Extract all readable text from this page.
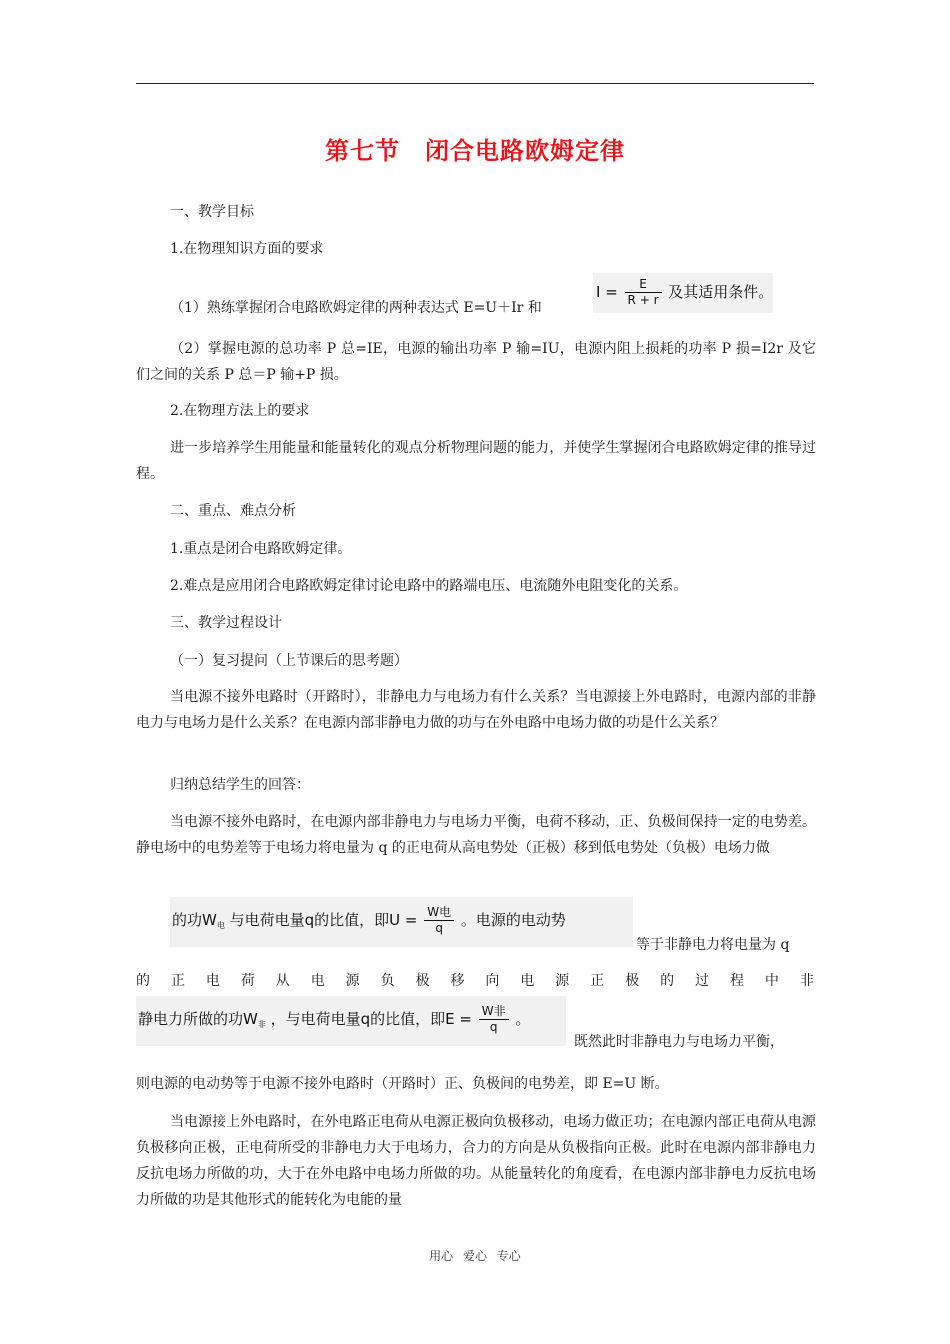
第七节　闭合电路欧姆定律

一、教学目标

1.在物理知识方面的要求

（1）熟练掌握闭合电路欧姆定律的两种表达式 E=U＋Ir 和
$I = \frac{E}{R + r}$ 及其适用条件。

（2）掌握电源的总功率 P 总=IE，电源的输出功率 P 输=IU，电源内阻上损耗的功率 P 损=I2r 及它们之间的关系 P 总＝P 输+P 损。

2.在物理方法上的要求

进一步培养学生用能量和能量转化的观点分析物理问题的能力，并使学生掌握闭合电路欧姆定律的推导过程。

二、重点、难点分析

1.重点是闭合电路欧姆定律。

2.难点是应用闭合电路欧姆定律讨论电路中的路端电压、电流随外电阻变化的关系。

三、教学过程设计

（一）复习提问（上节课后的思考题）

当电源不接外电路时（开路时），非静电力与电场力有什么关系？当电源接上外电路时，电源内部的非静电力与电场力是什么关系？在电源内部非静电力做的功与在外电路中电场力做的功是什么关系？

归纳总结学生的回答：

当电源不接外电路时，在电源内部非静电力与电场力平衡，电荷不移动，正、负极间保持一定的电势差。静电场中的电势差等于电场力将电量为 q 的正电荷从高电势处（正极）移到低电势处（负极）电场力做

的功$W_电$ 与电荷电量q的比值，即$U = \frac{\text{W电}}{q}$ 。电源的电动势
等于非静电力将电量为 q
的 正 电 荷 从 电 源 负 极 移 向 电 源 正 极 的 过 程 中 非
静电力所做的功$W_非$ ，与电荷电量q的比值，即$E = \frac{\text{W非}}{q}$ 。
既然此时非静电力与电场力平衡，

则电源的电动势等于电源不接外电路时（开路时）正、负极间的电势差，即 E=U 断。

当电源接上外电路时，在外电路正电荷从电源正极向负极移动，电场力做正功；在电源内部正电荷从电源负极移向正极，正电荷所受的非静电力大于电场力，合力的方向是从负极指向正极。此时在电源内部非静电力反抗电场力所做的功，大于在外电路中电场力所做的功。从能量转化的角度看，在电源内部非静电力反抗电场力所做的功是其他形式的能转化为电能的量

用心 爱心 专心
